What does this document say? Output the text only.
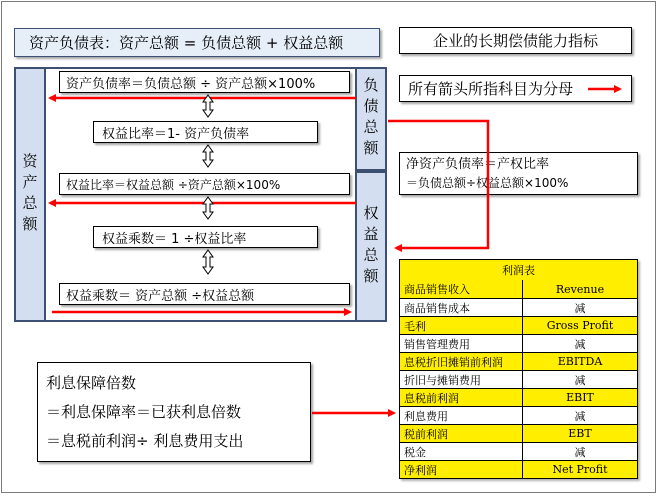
资产负债表：资产总额 = 负债总额 + 权益总额	企业的长期偿债能力指标
所有箭头所指科目为分母
资产总额
负债总额
权益总额
资产负债率＝负债总额 ÷ 资产总额×100%
权益比率＝1- 资产负债率
权益比率＝权益总额 ÷资产总额×100%
权益乘数＝ 1 ÷权益比率
权益乘数＝ 资产总额 ÷权益总额
净资产负债率＝产权比率
＝负债总额÷权益总额×100%
利息保障倍数
＝利息保障率＝已获利息倍数
＝息税前利润÷ 利息费用支出
利润表
商品销售收入	Revenue
商品销售成本	减
毛利	Gross Profit
销售管理费用	减
息税折旧摊销前利润	EBITDA
折旧与摊销费用	减
息税前利润	EBIT
利息费用	减
税前利润	EBT
税金	减
净利润	Net Profit
